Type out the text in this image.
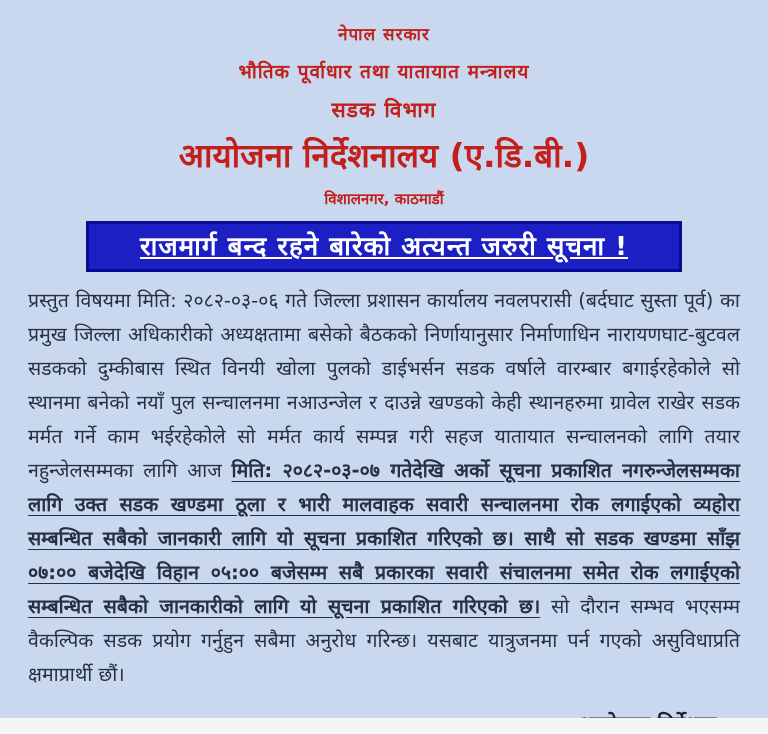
नेपाल सरकार
भौतिक पूर्वाधार तथा यातायात मन्त्रालय
सडक विभाग
आयोजना निर्देशनालय (ए.डि.बी.)
विशालनगर, काठमाडौं
राजमार्ग बन्द रहने बारेको अत्यन्त जरुरी सूचना !

प्रस्तुत विषयमा मिति: २०८२-०३-०६ गते जिल्ला प्रशासन कार्यालय नवलपरासी (बर्दघाट सुस्ता पूर्व) का प्रमुख जिल्ला अधिकारीको अध्यक्षतामा बसेको बैठकको निर्णायानुसार निर्माणाधिन नारायणघाट-बुटवल सडकको दुम्कीबास स्थित विनयी खोला पुलको डाईभर्सन सडक वर्षाले वारम्बार बगाईरहेकोले सो स्थानमा बनेको नयाँ पुल सन्चालनमा नआउन्जेल र दाउन्ने खण्डको केही स्थानहरुमा ग्रावेल राखेर सडक मर्मत गर्ने काम भईरहेकोले सो मर्मत कार्य सम्पन्न गरी सहज यातायात सन्चालनको लागि तयार नहुन्जेलसम्मका लागि आज मिति: २०८२-०३-०७ गतेदेखि अर्को सूचना प्रकाशित नगरुन्जेलसम्मका लागि उक्त सडक खण्डमा ठूला र भारी मालवाहक सवारी सन्चालनमा रोक लगाईएको व्यहोरा सम्बन्धित सबैको जानकारी लागि यो सूचना प्रकाशित गरिएको छ। साथै सो सडक खण्डमा साँझ ०७:०० बजेदेखि विहान ०५:०० बजेसम्म सबै प्रकारका सवारी संचालनमा समेत रोक लगाईएको सम्बन्धित सबैको जानकारीको लागि यो सूचना प्रकाशित गरिएको छ। सो दौरान सम्भव भएसम्म वैकल्पिक सडक प्रयोग गर्नुहुन सबैमा अनुरोध गरिन्छ। यसबाट यात्रुजनमा पर्न गएको असुविधाप्रति क्षमाप्रार्थी छौं।
